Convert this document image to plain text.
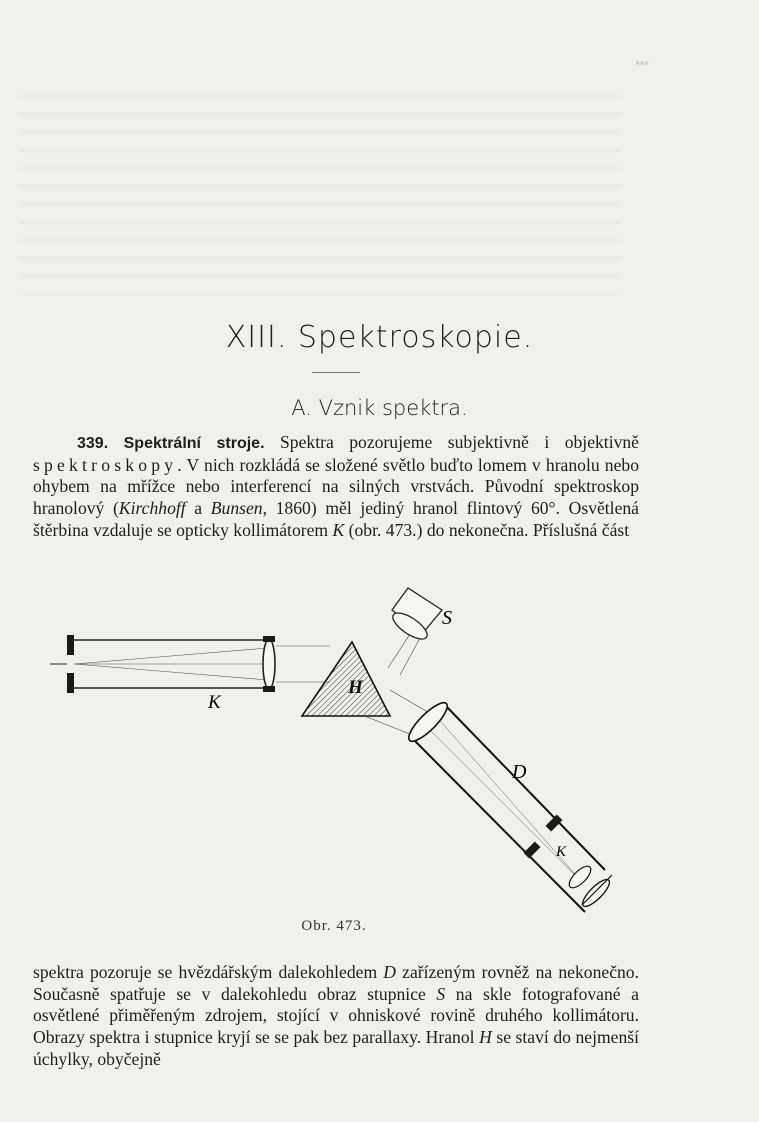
▪▪▪
XIII. Spektroskopie.
A. Vznik spektra.
339. Spektrální stroje. Spektra pozorujeme subjektivně i objektivně spektroskopy. V nich rozkládá se složené světlo buďto lomem v hranolu nebo ohybem na mřížce nebo interferencí na silných vrstvách. Původní spektroskop hranolový (Kirchhoff a Bunsen, 1860) měl jediný hranol flintový 60°. Osvětlená štěrbina vzdaluje se opticky kollimátorem K (obr. 473.) do nekonečna. Příslušná část
K
H
S
D
K
Obr. 473.
spektra pozoruje se hvězdářským dalekohledem D zařízeným rovněž na nekonečno. Současně spatřuje se v dalekohledu obraz stupnice S na skle fotografované a osvětlené přiměřeným zdrojem, stojící v ohniskové rovině druhého kollimátoru. Obrazy spektra i stupnice kryjí se se pak bez parallaxy. Hranol H se staví do nejmenší úchylky, obyčejně
